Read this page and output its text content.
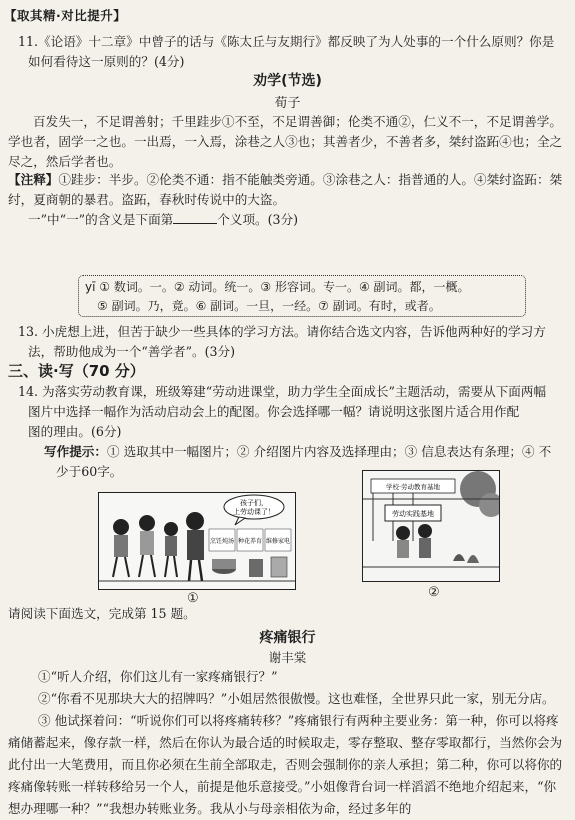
【取其精·对比提升】
11.《论语》十二章》中曾子的话与《陈太丘与友期行》都反映了为人处事的一个什么原则？你是
如何看待这一原则的？(4分)
劝学(节选)
荀子
百发失一，不足谓善射；千里跬步①不至，不足谓善御；伦类不通②，仁义不一，不足谓善学。学也者，固学一之也。一出焉，一入焉，涂巷之人③也；其善者少，不善者多，桀纣盗跖④也；全之尽之，然后学者也。
【注释】①跬步：半步。②伦类不通：指不能触类旁通。③涂巷之人：指普通的人。④桀纣盗跖：桀纣，夏商朝的暴君。盗跖，春秋时传说中的大盗。
一”中“一”的含义是下面第	个义项。(3分)
yī ① 数词。一。② 动词。统一。③ 形容词。专一。④ 副词。都，一概。
⑤ 副词。乃，竟。⑥ 副词。一旦，一经。⑦ 副词。有时，或者。
13. 小虎想上进，但苦于缺少一些具体的学习方法。请你结合选文内容，告诉他两种好的学习方
法，帮助他成为一个“善学者”。(3分)
三、读·写（70 分）
14. 为落实劳动教育课，班级筹建“劳动进课堂，助力学生全面成长”主题活动，需要从下面两幅
图片中选择一幅作为活动启动会上的配图。你会选择哪一幅？请说明这张图片适合用作配
图的理由。(6分)
写作提示：① 选取其中一幅图片；② 介绍图片内容及选择理由；③ 信息表达有条理；④ 不
少于60字。
孩子们，
上劳动课了！
烹饪炖汤 种花养育 维修家电
①
学校·劳动教育基地
劳动实践基地
②
请阅读下面选文，完成第 15 题。
疼痛银行
谢丰棠
①“听人介绍，你们这儿有一家疼痛银行？”
②“你看不见那块大大的招牌吗？”小姐居然很傲慢。这也难怪，全世界只此一家，别无分店。
③ 他试探着问：“听说你们可以将疼痛转移？”疼痛银行有两种主要业务：第一种，你可以将疼痛储蓄起来，像存款一样，然后在你认为最合适的时候取走，零存整取、整存零取都行，当然你会为此付出一大笔费用，而且你必须在生前全部取走，否则会强制你的亲人承担；第二种，你可以将你的疼痛像转账一样转移给另一个人，前提是他乐意接受。”小姐像背台词一样滔滔不绝地介绍起来，“你想办理哪一种？”“我想办转账业务。我从小与母亲相依为命，经过多年的
